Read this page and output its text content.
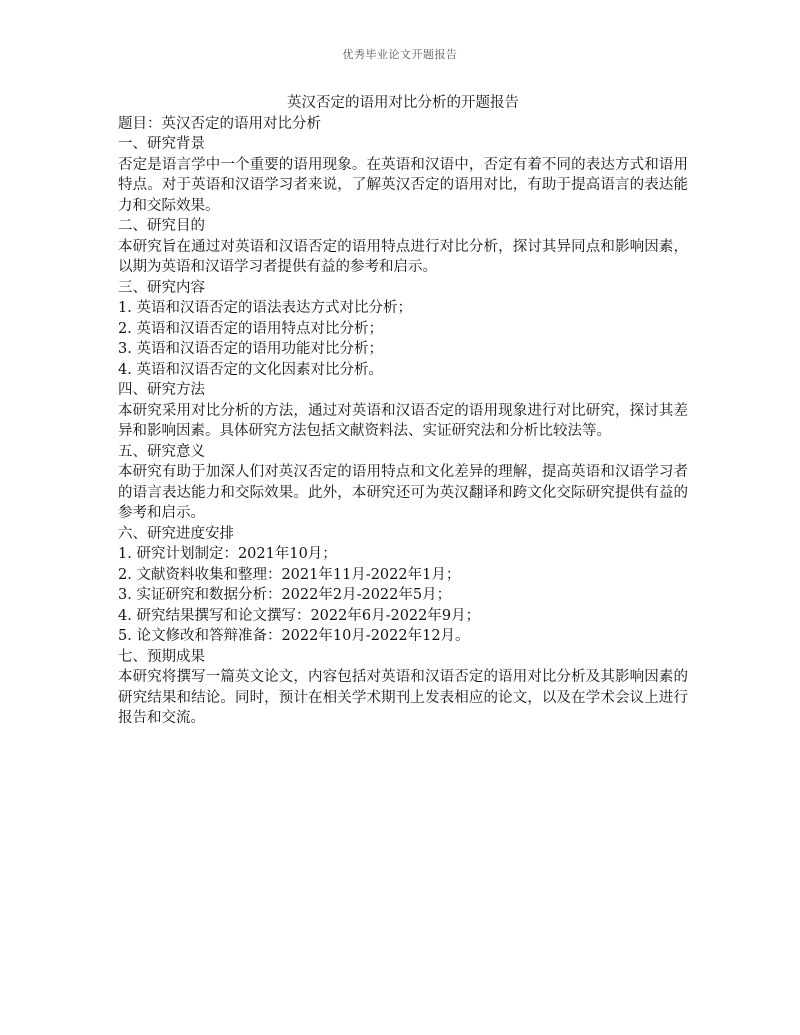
优秀毕业论文开题报告
英汉否定的语用对比分析的开题报告

题目：英汉否定的语用对比分析

一、研究背景

否定是语言学中一个重要的语用现象。在英语和汉语中，否定有着不同的表达方式和语用特点。对于英语和汉语学习者来说，了解英汉否定的语用对比，有助于提高语言的表达能力和交际效果。

二、研究目的

本研究旨在通过对英语和汉语否定的语用特点进行对比分析，探讨其异同点和影响因素，以期为英语和汉语学习者提供有益的参考和启示。

三、研究内容
1. 英语和汉语否定的语法表达方式对比分析；
2. 英语和汉语否定的语用特点对比分析；
3. 英语和汉语否定的语用功能对比分析；
4. 英语和汉语否定的文化因素对比分析。
四、研究方法

本研究采用对比分析的方法，通过对英语和汉语否定的语用现象进行对比研究，探讨其差异和影响因素。具体研究方法包括文献资料法、实证研究法和分析比较法等。

五、研究意义

本研究有助于加深人们对英汉否定的语用特点和文化差异的理解，提高英语和汉语学习者的语言表达能力和交际效果。此外，本研究还可为英汉翻译和跨文化交际研究提供有益的参考和启示。

六、研究进度安排
1. 研究计划制定：2021年10月；
2. 文献资料收集和整理：2021年11月-2022年1月；
3. 实证研究和数据分析：2022年2月-2022年5月；
4. 研究结果撰写和论文撰写：2022年6月-2022年9月；
5. 论文修改和答辩准备：2022年10月-2022年12月。
七、预期成果

本研究将撰写一篇英文论文，内容包括对英语和汉语否定的语用对比分析及其影响因素的研究结果和结论。同时，预计在相关学术期刊上发表相应的论文，以及在学术会议上进行报告和交流。
